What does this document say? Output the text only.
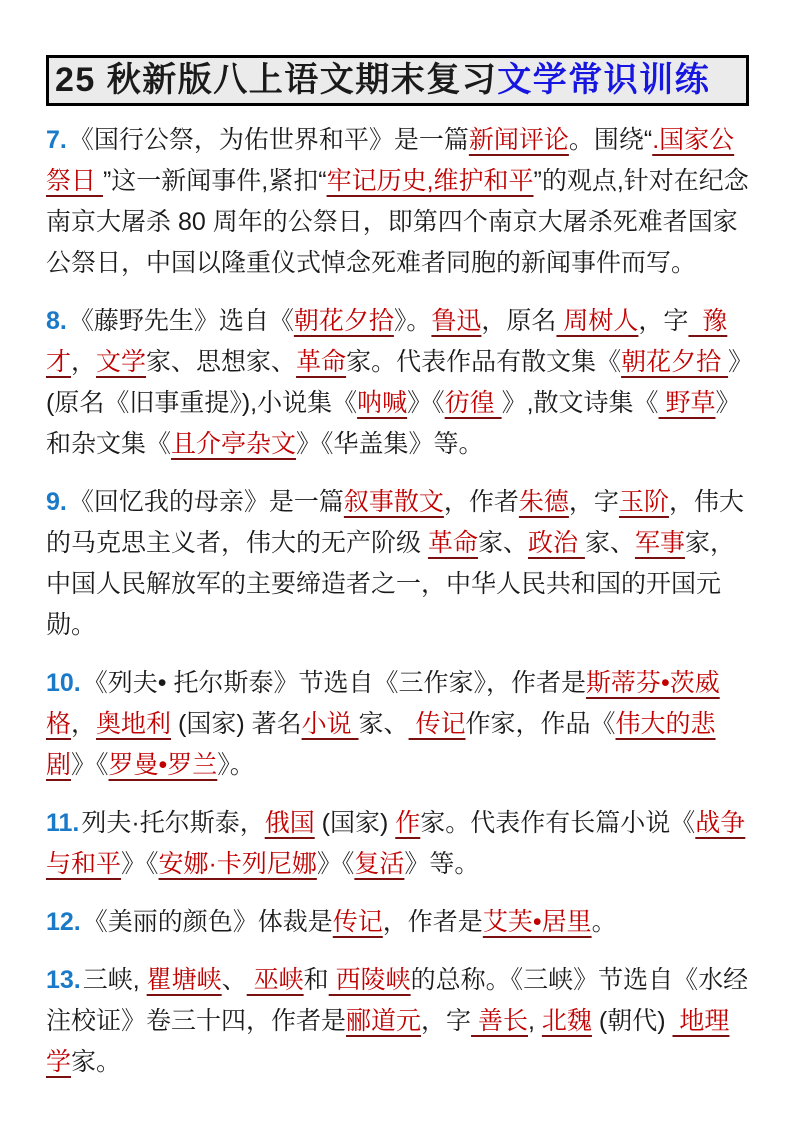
25 秋新版八上语文期末复习文学常识训练

7.《国行公祭，为佑世界和平》是一篇新闻评论。围绕“.国家公祭日 ”这一新闻事件,紧扣“牢记历史,维护和平”的观点,针对在纪念南京大屠杀 80 周年的公祭日，即第四个南京大屠杀死难者国家公祭日，中国以隆重仪式悼念死难者同胞的新闻事件而写。

8.《藤野先生》选自《朝花夕拾》。鲁迅，原名 周树人，字  豫才，文学家、思想家、革命家。代表作品有散文集《朝花夕拾 》(原名《旧事重提》),小说集《呐喊》《彷徨 》,散文诗集《 野草》和杂文集《且介亭杂文》《华盖集》等。

9.《回忆我的母亲》是一篇叙事散文，作者朱德，字玉阶，伟大的马克思主义者，伟大的无产阶级 革命家、政治 家、军事家，中国人民解放军的主要缔造者之一，中华人民共和国的开国元勋。

10.《列夫• 托尔斯泰》节选自《三作家》，作者是斯蒂芬•茨威格，奥地利 (国家) 著名小说 家、 传记作家，作品《伟大的悲剧》《罗曼•罗兰》。

11.列夫·托尔斯泰，俄国 (国家) 作家。代表作有长篇小说《战争与和平》《安娜·卡列尼娜》《复活》等。

12.《美丽的颜色》体裁是传记，作者是艾芙•居里。

13.三峡, 瞿塘峡、 巫峡和 西陵峡的总称。《三峡》节选自《水经注校证》卷三十四，作者是郦道元，字 善长, 北魏 (朝代)  地理学家。
